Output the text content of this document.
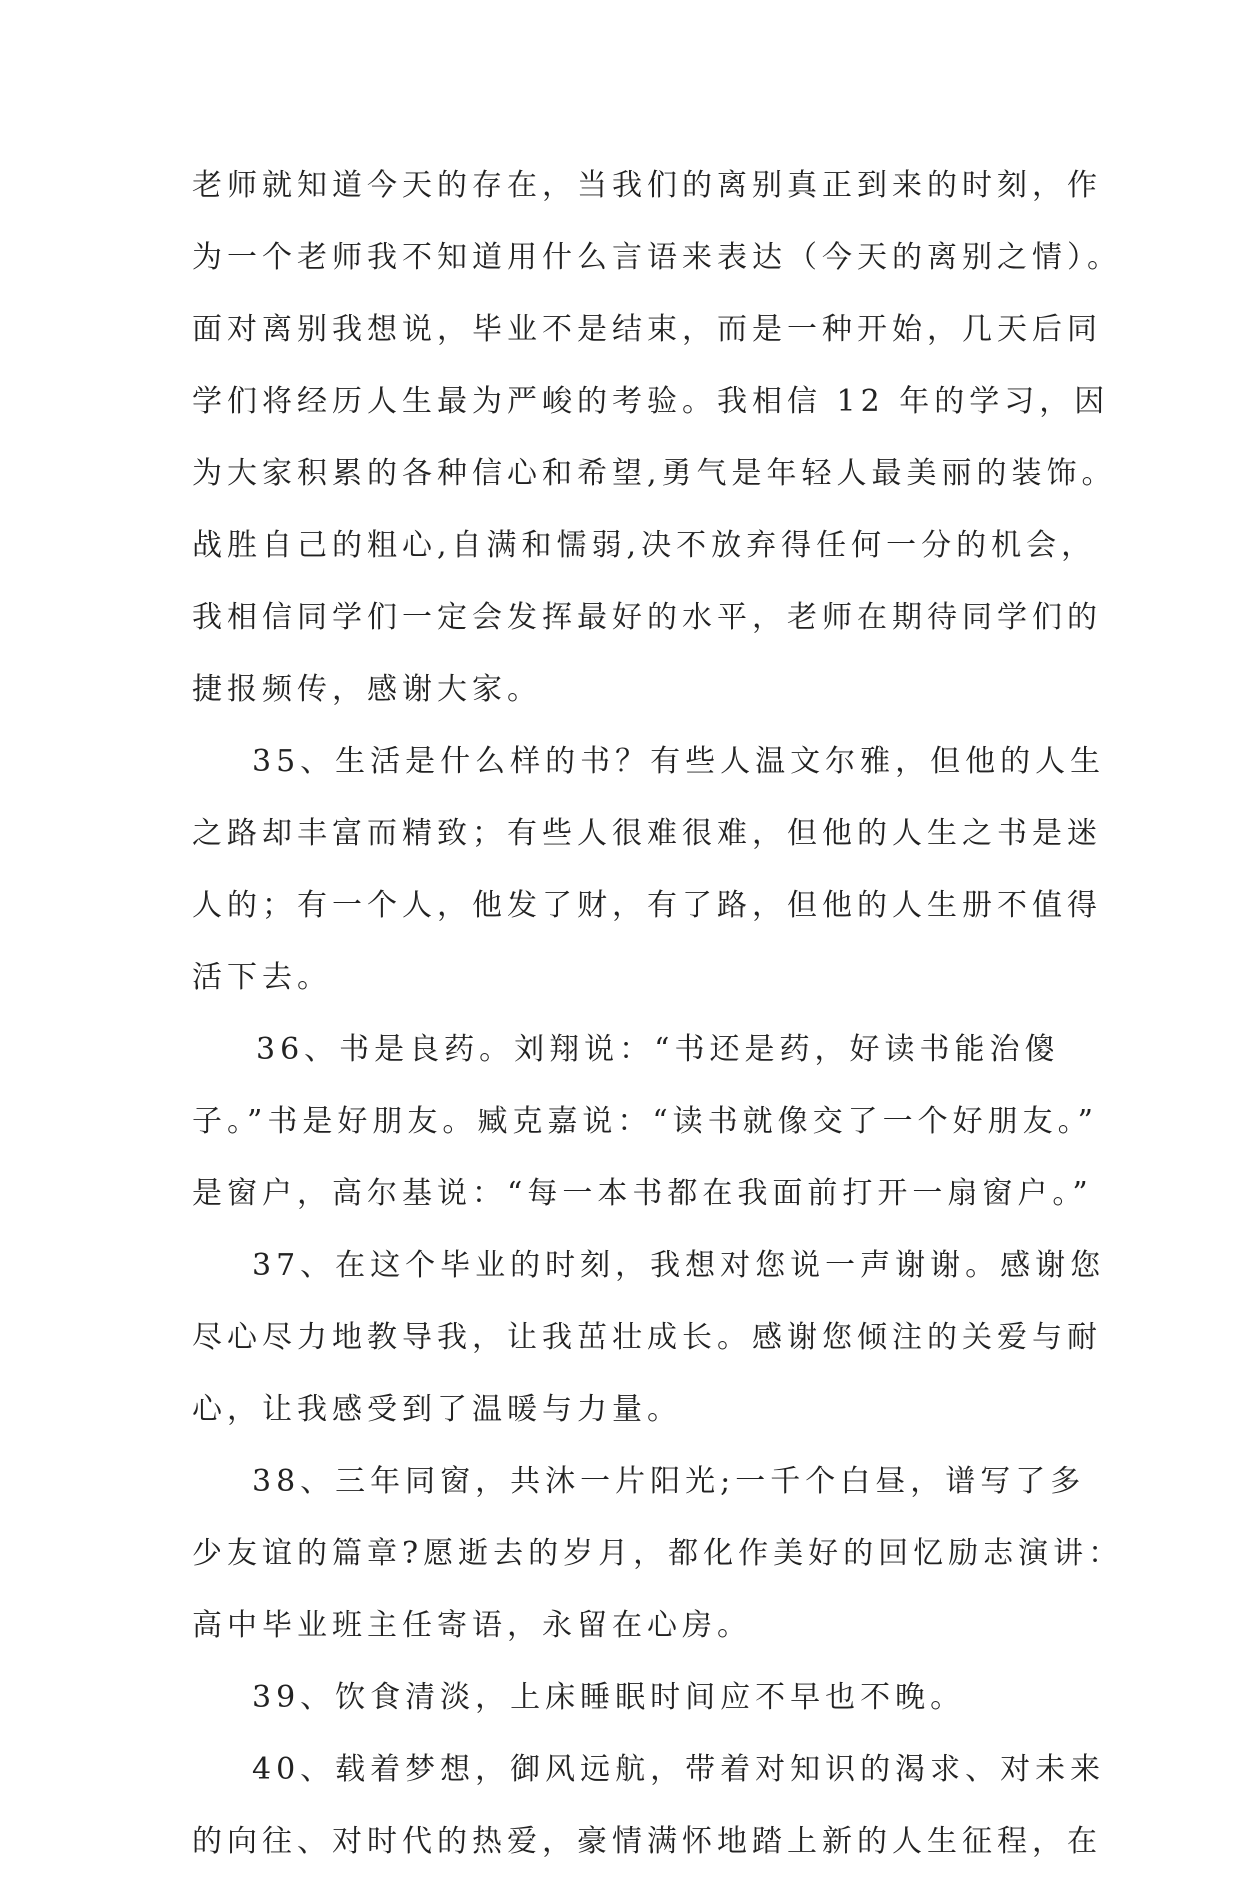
老师就知道今天的存在，当我们的离别真正到来的时刻，作
为一个老师我不知道用什么言语来表达（今天的离别之情）。
面对离别我想说，毕业不是结束，而是一种开始，几天后同
学们将经历人生最为严峻的考验。我相信 12 年的学习，因
为大家积累的各种信心和希望,勇气是年轻人最美丽的装饰。
战胜自己的粗心,自满和懦弱,决不放弃得任何一分的机会，
我相信同学们一定会发挥最好的水平，老师在期待同学们的
捷报频传，感谢大家。
35、生活是什么样的书？有些人温文尔雅，但他的人生
之路却丰富而精致；有些人很难很难，但他的人生之书是迷
人的；有一个人，他发了财，有了路，但他的人生册不值得
活下去。
36、书是良药。刘翔说：“书还是药，好读书能治傻
子。”书是好朋友。臧克嘉说：“读书就像交了一个好朋友。”
是窗户，高尔基说：“每一本书都在我面前打开一扇窗户。”
37、在这个毕业的时刻，我想对您说一声谢谢。感谢您
尽心尽力地教导我，让我茁壮成长。感谢您倾注的关爱与耐
心，让我感受到了温暖与力量。
38、三年同窗，共沐一片阳光;一千个白昼，谱写了多
少友谊的篇章?愿逝去的岁月，都化作美好的回忆励志演讲：
高中毕业班主任寄语，永留在心房。
39、饮食清淡，上床睡眠时间应不早也不晚。
40、载着梦想，御风远航，带着对知识的渴求、对未来
的向往、对时代的热爱，豪情满怀地踏上新的人生征程，在
